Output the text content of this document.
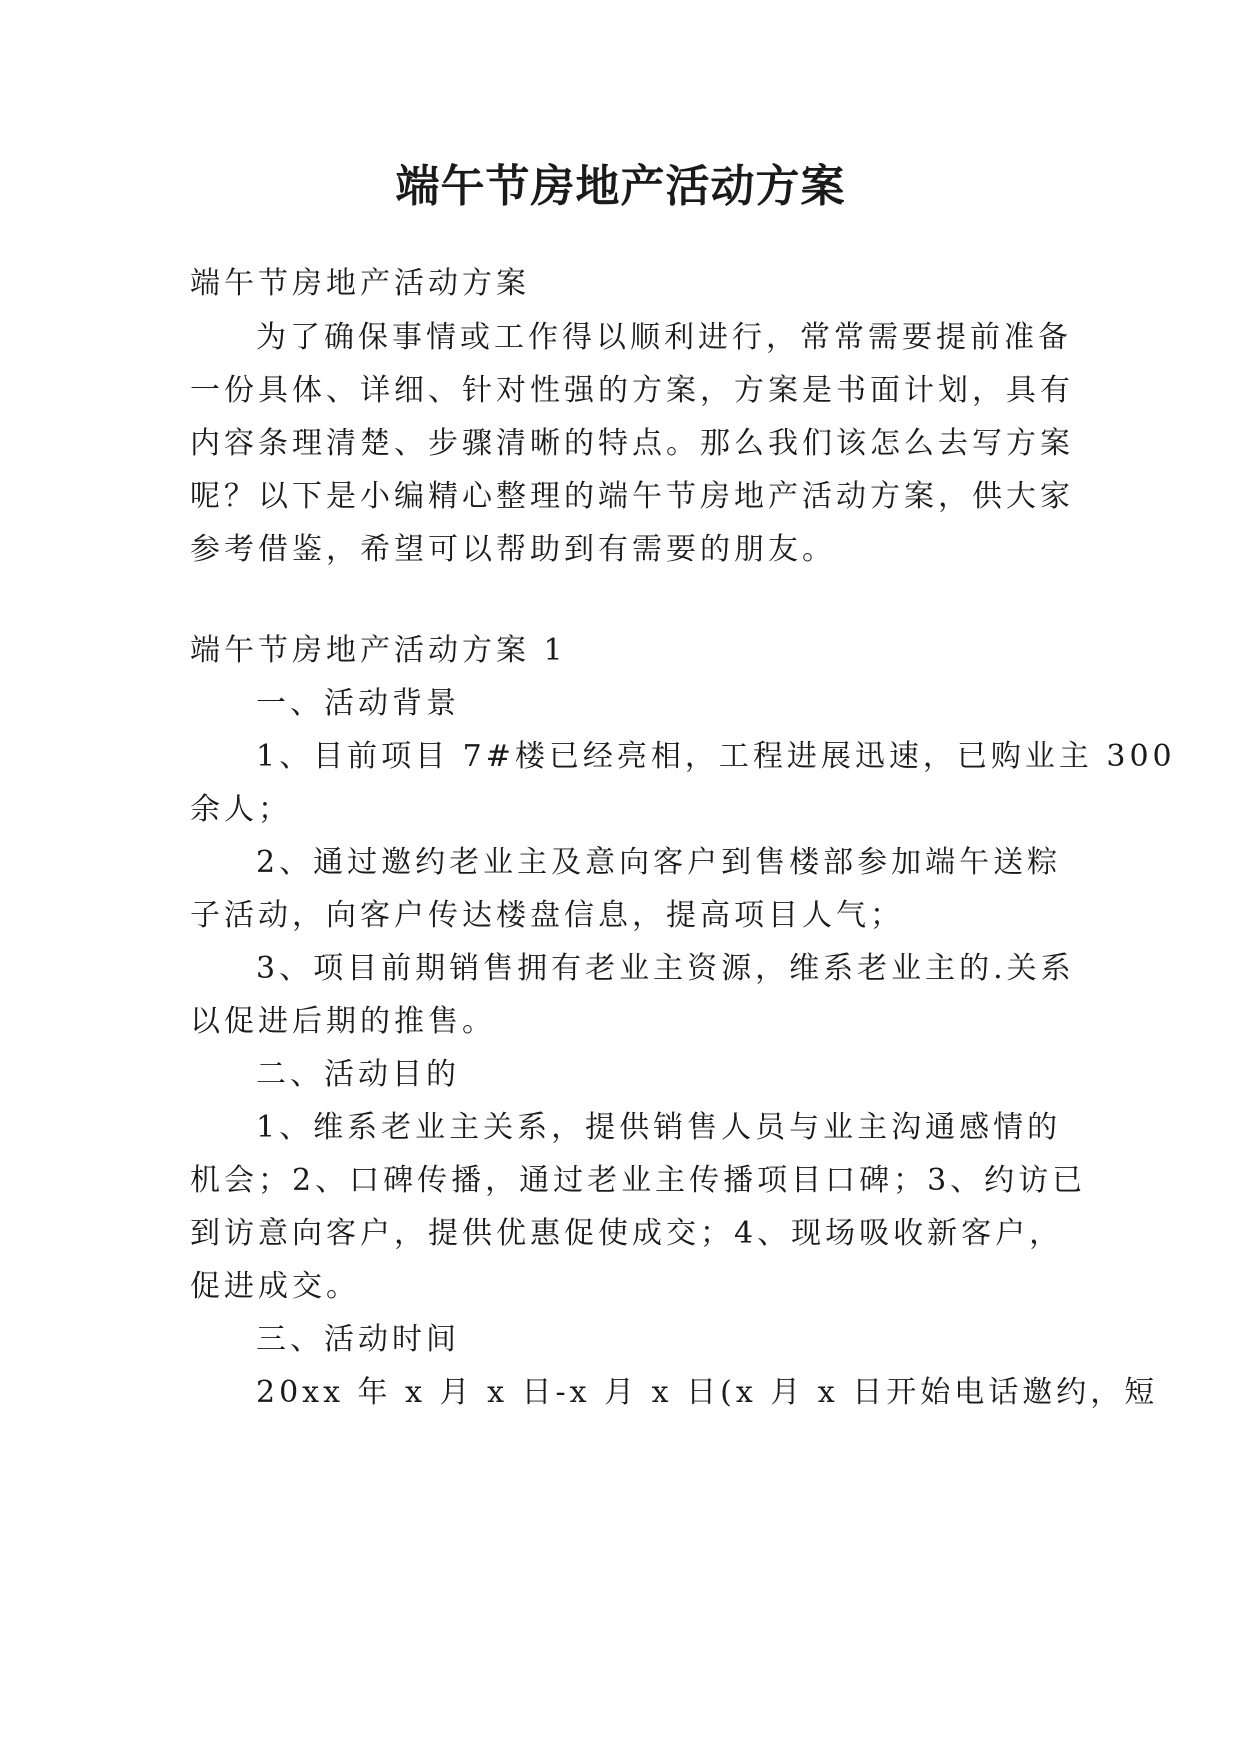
端午节房地产活动方案
端午节房地产活动方案
为了确保事情或工作得以顺利进行，常常需要提前准备
一份具体、详细、针对性强的方案，方案是书面计划，具有
内容条理清楚、步骤清晰的特点。那么我们该怎么去写方案
呢？以下是小编精心整理的端午节房地产活动方案，供大家
参考借鉴，希望可以帮助到有需要的朋友。
端午节房地产活动方案 1
一、活动背景
1、目前项目 7#楼已经亮相，工程进展迅速，已购业主 300
余人；
2、通过邀约老业主及意向客户到售楼部参加端午送粽
子活动，向客户传达楼盘信息，提高项目人气；
3、项目前期销售拥有老业主资源，维系老业主的.关系
以促进后期的推售。
二、活动目的
1、维系老业主关系，提供销售人员与业主沟通感情的
机会；2、口碑传播，通过老业主传播项目口碑；3、约访已
到访意向客户，提供优惠促使成交；4、现场吸收新客户，
促进成交。
三、活动时间
20xx 年 x 月 x 日-x 月 x 日(x 月 x 日开始电话邀约，短
